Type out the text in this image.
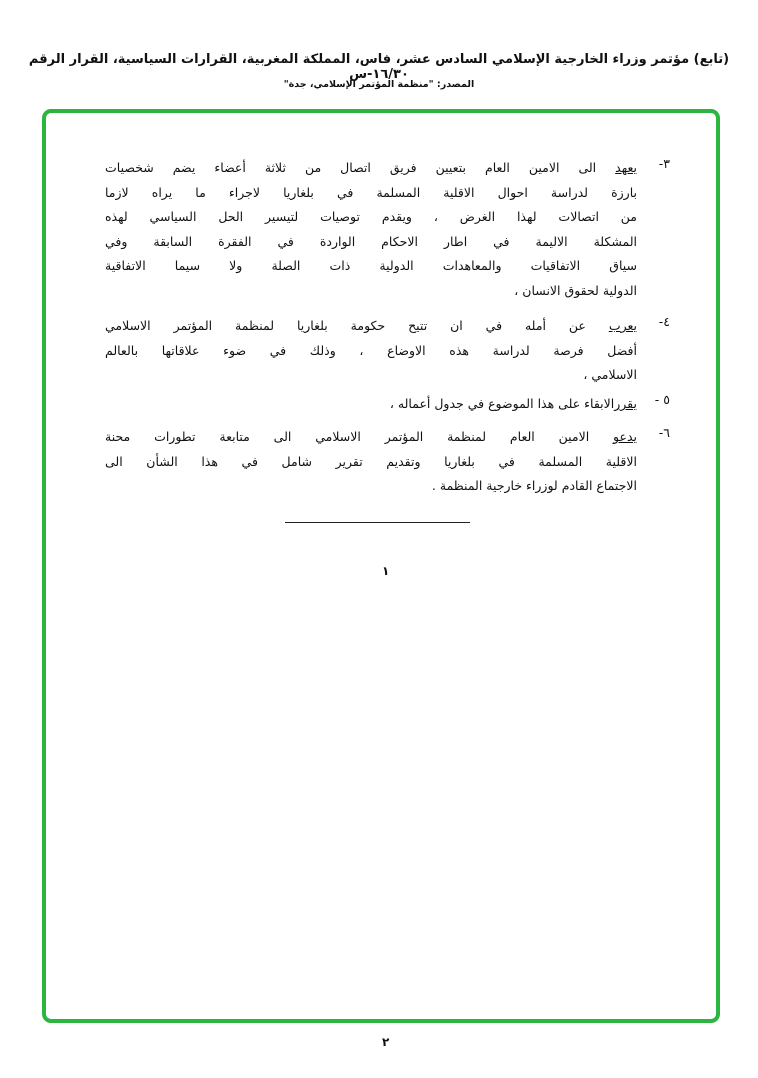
(تابع) مؤتمر وزراء الخارجية الإسلامي السادس عشر، فاس، المملكة المغربية، القرارات السياسية، القرار الرقم ١٦/٣٠-س
المصدر: "منظمة المؤتمر الإسلامي، جدة"
٣-
يعهد الى الامين العام بتعيين فريق اتصال من ثلاثة أعضاء يضم شخصيات
بارزة لدراسة احوال الاقلية المسلمة في بلغاريا لاجراء ما يراه لازما
من اتصالات لهذا الغرض ، ويقدم توصيات لتيسير الحل السياسي لهذه
المشكلة الاليمة في اطار الاحكام الواردة في الفقرة السابقة وفي
سياق الاتفاقيات والمعاهدات الدولية ذات الصلة ولا سيما الاتفاقية
الدولية لحقوق الانسان ،
٤-
يعرب عن أمله في ان تتيح حكومة بلغاريا لمنظمة المؤتمر الاسلامي
أفضل فرصة لدراسة هذه الاوضاع ، وذلك في ضوء علاقاتها بالعالم
الاسلامي ،
٥ -
يقررالابقاء على هذا الموضوع في جدول أعماله ،
٦-
يدعو الامين العام لمنظمة المؤتمر الاسلامي الى متابعة تطورات محنة
الاقلية المسلمة في بلغاريا وتقديم تقرير شامل في هذا الشأن الى
الاجتماع القادم لوزراء خارجية المنظمة .
١
٢
